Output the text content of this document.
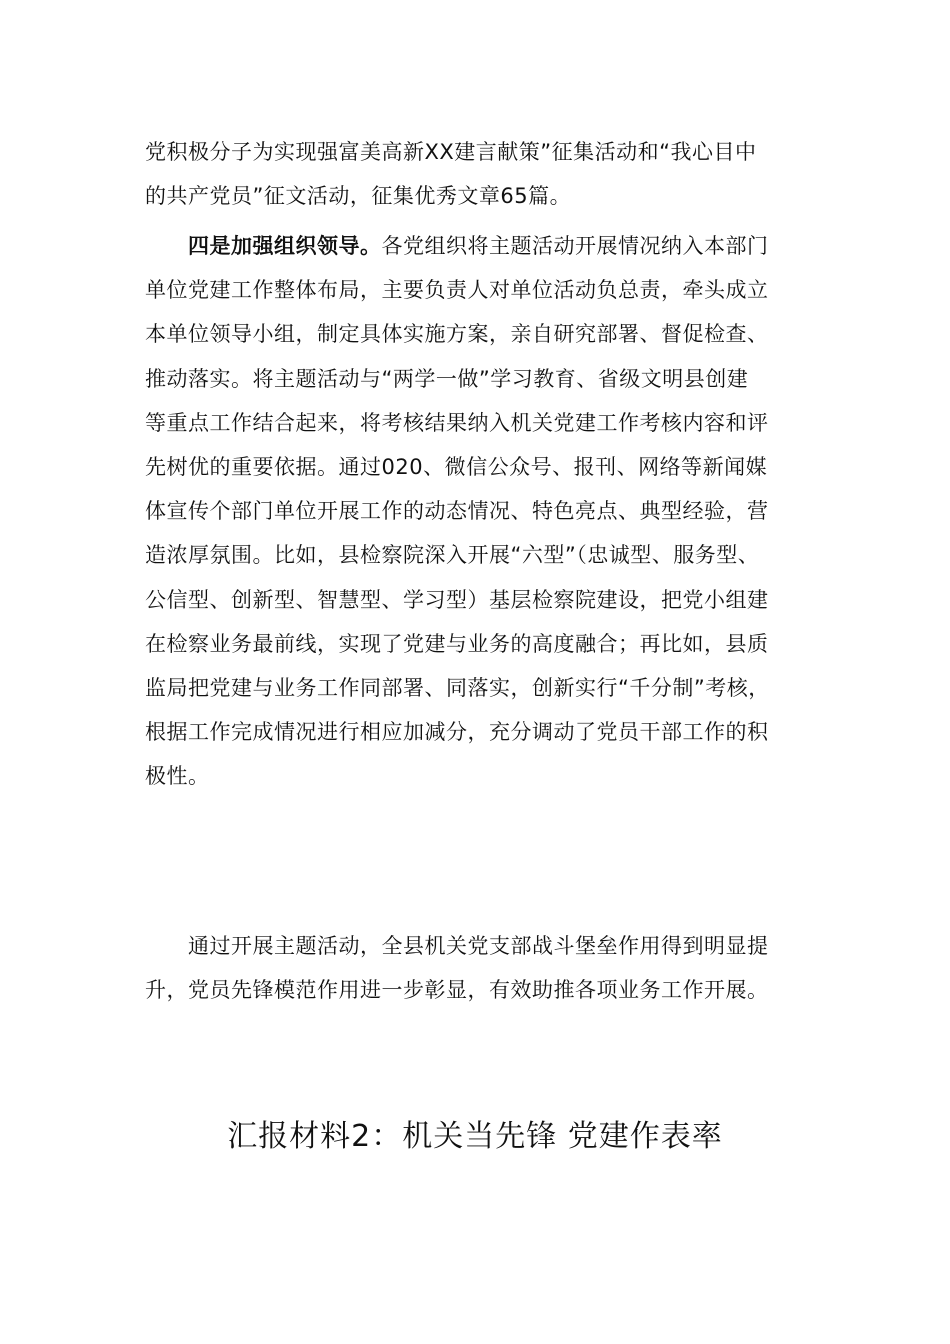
党积极分子为实现强富美高新XX建言献策”征集活动和“我心目中
的共产党员”征文活动，征集优秀文章65篇。

四是加强组织领导。各党组织将主题活动开展情况纳入本部门
单位党建工作整体布局，主要负责人对单位活动负总责，牵头成立
本单位领导小组，制定具体实施方案，亲自研究部署、督促检查、
推动落实。将主题活动与“两学一做”学习教育、省级文明县创建
等重点工作结合起来，将考核结果纳入机关党建工作考核内容和评
先树优的重要依据。通过020、微信公众号、报刊、网络等新闻媒
体宣传个部门单位开展工作的动态情况、特色亮点、典型经验，营
造浓厚氛围。比如，县检察院深入开展“六型”（忠诚型、服务型、
公信型、创新型、智慧型、学习型）基层检察院建设，把党小组建
在检察业务最前线，实现了党建与业务的高度融合；再比如，县质
监局把党建与业务工作同部署、同落实，创新实行“千分制”考核，
根据工作完成情况进行相应加减分，充分调动了党员干部工作的积
极性。

通过开展主题活动，全县机关党支部战斗堡垒作用得到明显提
升，党员先锋模范作用进一步彰显，有效助推各项业务工作开展。

汇报材料2：机关当先锋 党建作表率
